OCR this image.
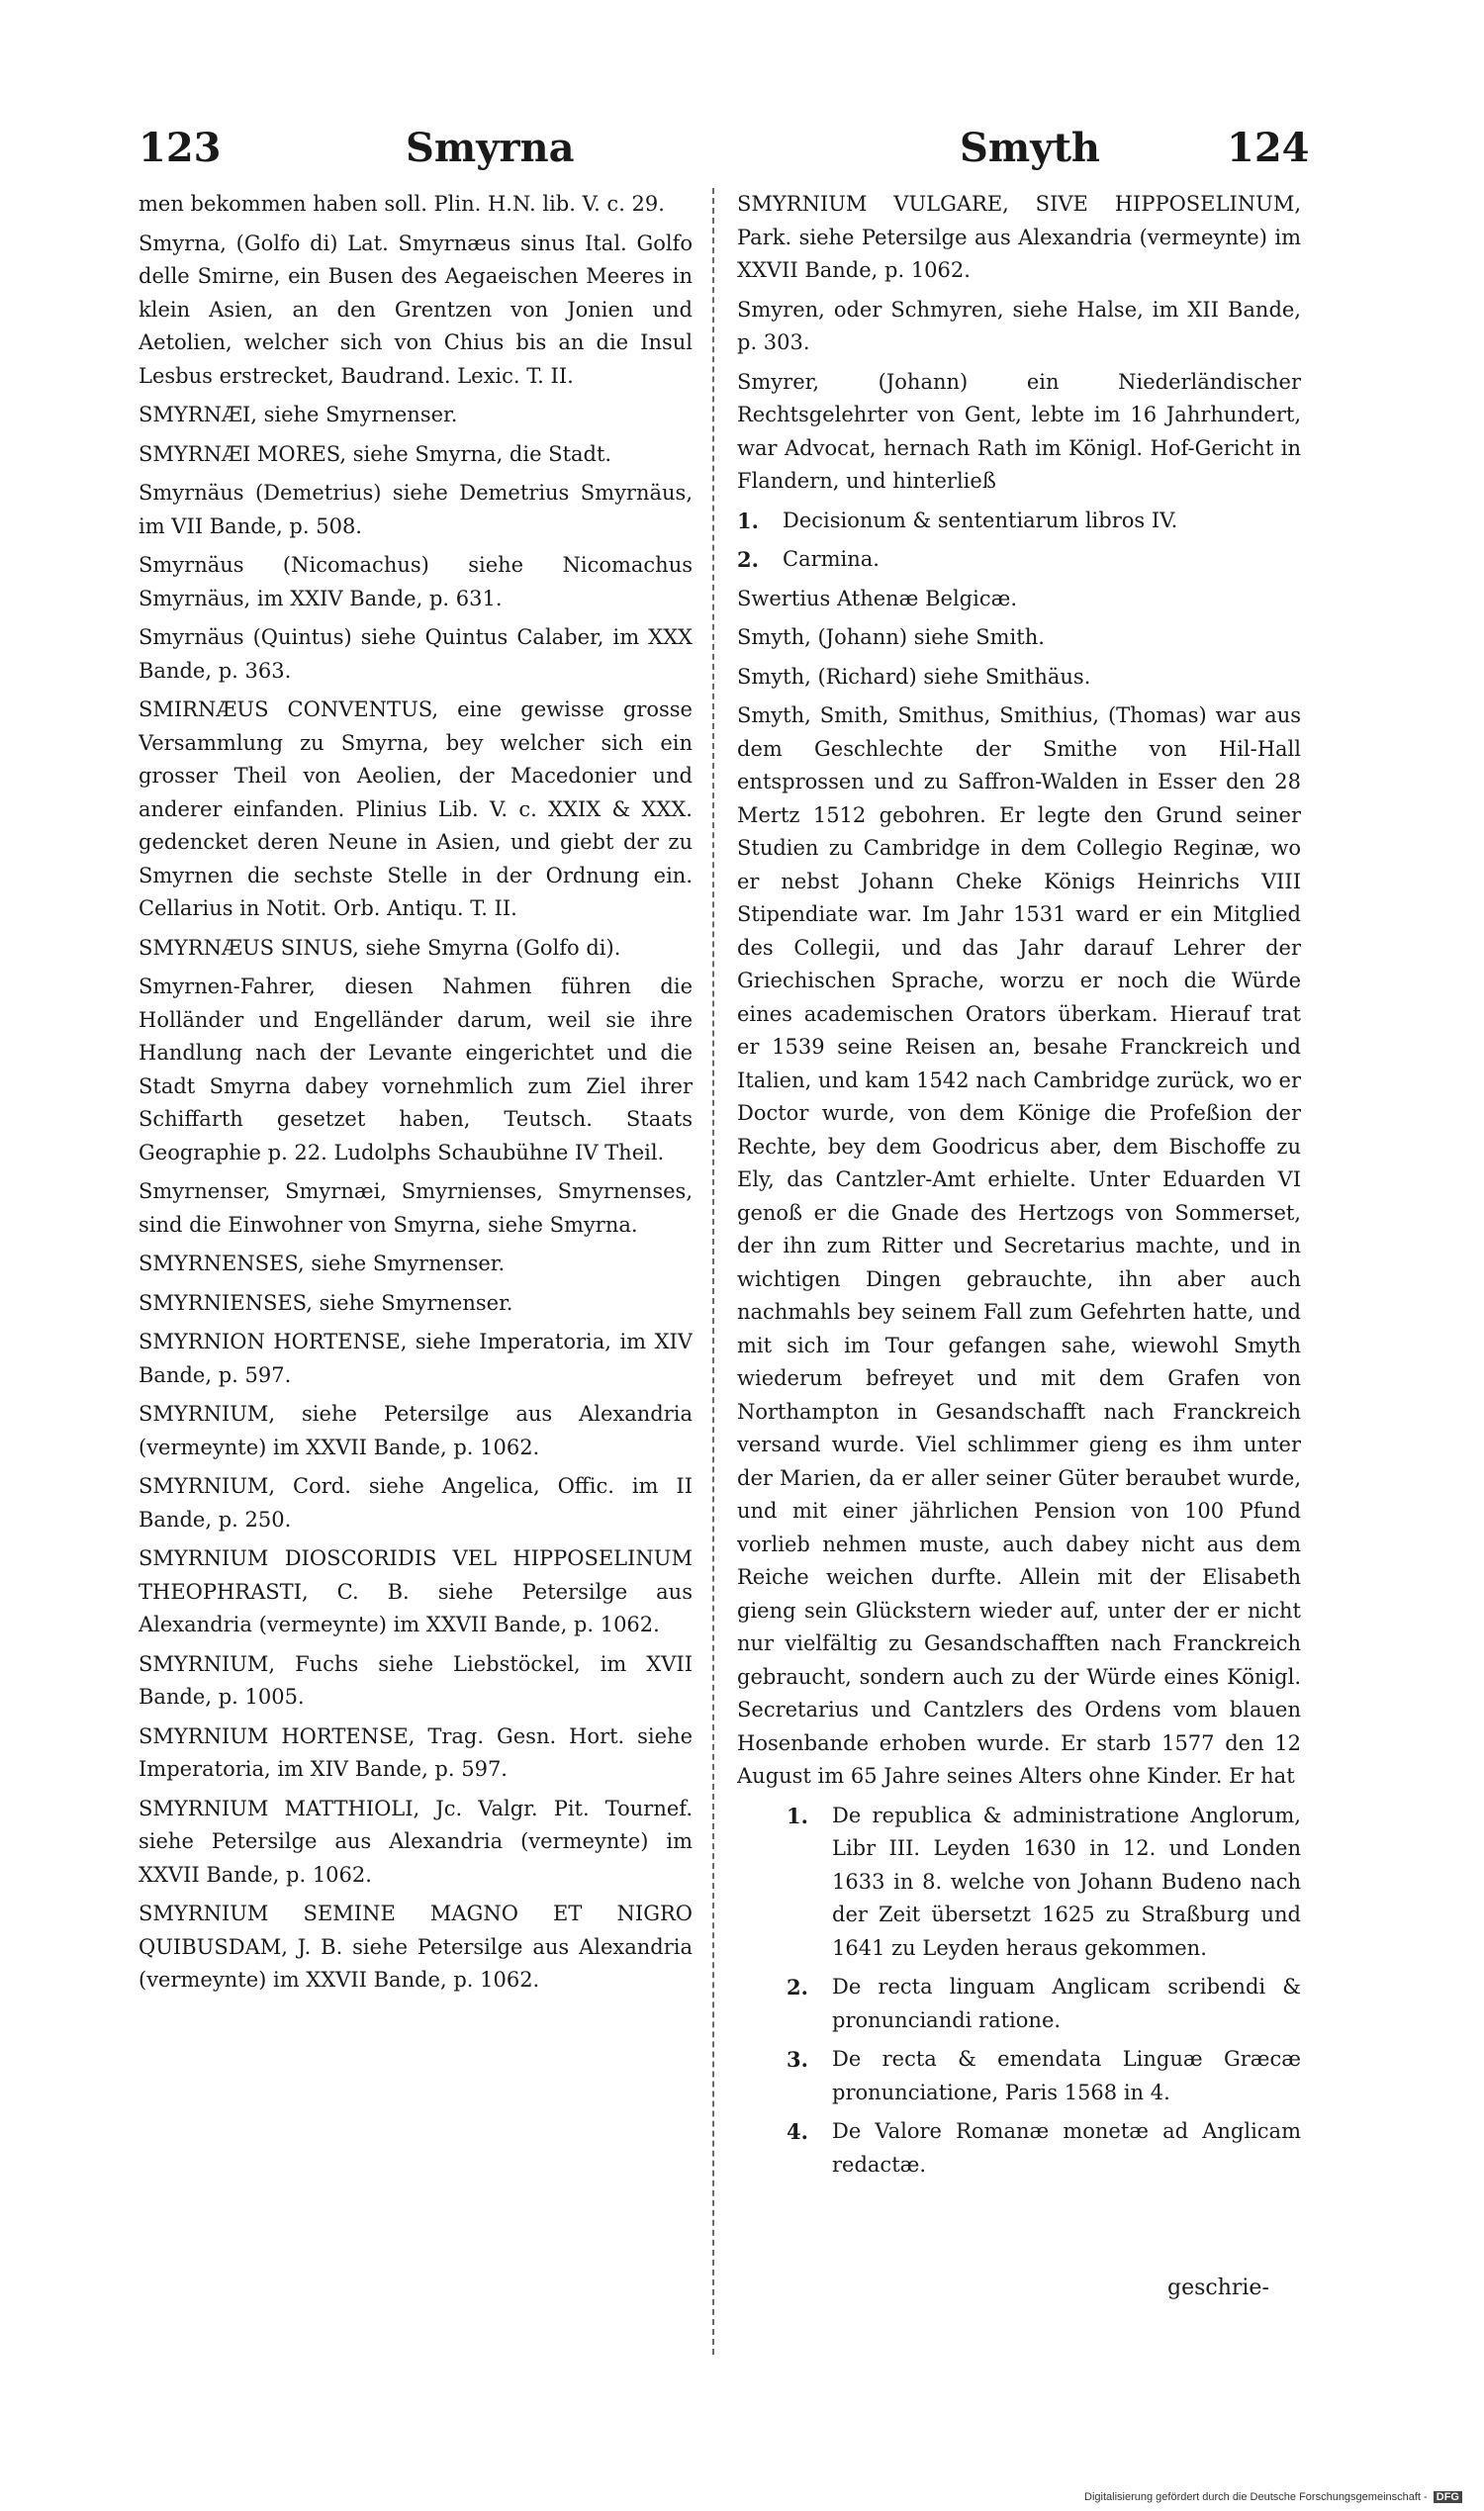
123	Smyrna	Smyth	124

men bekommen haben soll. Plin. H.N. lib. V. c. 29.

Smyrna, (Golfo di) Lat. Smyrnæus sinus Ital. Golfo delle Smirne, ein Busen des Aegaeischen Meeres in klein Asien, an den Grentzen von Jonien und Aetolien, welcher sich von Chius bis an die Insul Lesbus erstrecket, Baudrand. Lexic. T. II.

SMYRNÆI, siehe Smyrnenser.

SMYRNÆI MORES, siehe Smyrna, die Stadt.

Smyrnäus (Demetrius) siehe Demetrius Smyrnäus, im VII Bande, p. 508.

Smyrnäus (Nicomachus) siehe Nicomachus Smyrnäus, im XXIV Bande, p. 631.

Smyrnäus (Quintus) siehe Quintus Calaber, im XXX Bande, p. 363.

SMIRNÆUS CONVENTUS, eine gewisse grosse Versammlung zu Smyrna, bey welcher sich ein grosser Theil von Aeolien, der Macedonier und anderer einfanden. Plinius Lib. V. c. XXIX & XXX. gedencket deren Neune in Asien, und giebt der zu Smyrnen die sechste Stelle in der Ordnung ein. Cellarius in Notit. Orb. Antiqu. T. II.

SMYRNÆUS SINUS, siehe Smyrna (Golfo di).

Smyrnen-Fahrer, diesen Nahmen führen die Holländer und Engelländer darum, weil sie ihre Handlung nach der Levante eingerichtet und die Stadt Smyrna dabey vornehmlich zum Ziel ihrer Schiffarth gesetzet haben, Teutsch. Staats Geographie p. 22. Ludolphs Schaubühne IV Theil.

Smyrnenser, Smyrnæi, Smyrnienses, Smyrnenses, sind die Einwohner von Smyrna, siehe Smyrna.

SMYRNENSES, siehe Smyrnenser.

SMYRNIENSES, siehe Smyrnenser.

SMYRNION HORTENSE, siehe Imperatoria, im XIV Bande, p. 597.

SMYRNIUM, siehe Petersilge aus Alexandria (vermeynte) im XXVII Bande, p. 1062.

SMYRNIUM, Cord. siehe Angelica, Offic. im II Bande, p. 250.

SMYRNIUM DIOSCORIDIS VEL HIPPOSELINUM THEOPHRASTI, C. B. siehe Petersilge aus Alexandria (vermeynte) im XXVII Bande, p. 1062.

SMYRNIUM, Fuchs siehe Liebstöckel, im XVII Bande, p. 1005.

SMYRNIUM HORTENSE, Trag. Gesn. Hort. siehe Imperatoria, im XIV Bande, p. 597.

SMYRNIUM MATTHIOLI, Jc. Valgr. Pit. Tournef. siehe Petersilge aus Alexandria (vermeynte) im XXVII Bande, p. 1062.

SMYRNIUM SEMINE MAGNO ET NIGRO QUIBUSDAM, J. B. siehe Petersilge aus Alexandria (vermeynte) im XXVII Bande, p. 1062.

SMYRNIUM VULGARE, SIVE HIPPOSELINUM, Park. siehe Petersilge aus Alexandria (vermeynte) im XXVII Bande, p. 1062.

Smyren, oder Schmyren, siehe Halse, im XII Bande, p. 303.

Smyrer, (Johann) ein Niederländischer Rechtsgelehrter von Gent, lebte im 16 Jahrhundert, war Advocat, hernach Rath im Königl. Hof-Gericht in Flandern, und hinterließ

1.	Decisionum & sententiarum libros IV.
2.	Carmina.

Swertius Athenæ Belgicæ.

Smyth, (Johann) siehe Smith.

Smyth, (Richard) siehe Smithäus.

Smyth, Smith, Smithus, Smithius, (Thomas) war aus dem Geschlechte der Smithe von Hil-Hall entsprossen und zu Saffron-Walden in Esser den 28 Mertz 1512 gebohren. Er legte den Grund seiner Studien zu Cambridge in dem Collegio Reginæ, wo er nebst Johann Cheke Königs Heinrichs VIII Stipendiate war. Im Jahr 1531 ward er ein Mitglied des Collegii, und das Jahr darauf Lehrer der Griechischen Sprache, worzu er noch die Würde eines academischen Orators überkam. Hierauf trat er 1539 seine Reisen an, besahe Franckreich und Italien, und kam 1542 nach Cambridge zurück, wo er Doctor wurde, von dem Könige die Profeßion der Rechte, bey dem Goodricus aber, dem Bischoffe zu Ely, das Cantzler-Amt erhielte. Unter Eduarden VI genoß er die Gnade des Hertzogs von Sommerset, der ihn zum Ritter und Secretarius machte, und in wichtigen Dingen gebrauchte, ihn aber auch nachmahls bey seinem Fall zum Gefehrten hatte, und mit sich im Tour gefangen sahe, wiewohl Smyth wiederum befreyet und mit dem Grafen von Northampton in Gesandschafft nach Franckreich versand wurde. Viel schlimmer gieng es ihm unter der Marien, da er aller seiner Güter beraubet wurde, und mit einer jährlichen Pension von 100 Pfund vorlieb nehmen muste, auch dabey nicht aus dem Reiche weichen durfte. Allein mit der Elisabeth gieng sein Glückstern wieder auf, unter der er nicht nur vielfältig zu Gesandschafften nach Franckreich gebraucht, sondern auch zu der Würde eines Königl. Secretarius und Cantzlers des Ordens vom blauen Hosenbande erhoben wurde. Er starb 1577 den 12 August im 65 Jahre seines Alters ohne Kinder. Er hat

1.	De republica & administratione Anglorum, Libr III. Leyden 1630 in 12. und Londen 1633 in 8. welche von Johann Budeno nach der Zeit übersetzt 1625 zu Straßburg und 1641 zu Leyden heraus gekommen.
2.	De recta linguam Anglicam scribendi & pronunciandi ratione.
3.	De recta & emendata Linguæ Græcæ pronunciatione, Paris 1568 in 4.
4.	De Valore Romanæ monetæ ad Anglicam redactæ.
geschrie-
Digitalisierung gefördert durch die Deutsche Forschungsgemeinschaft - DFG
